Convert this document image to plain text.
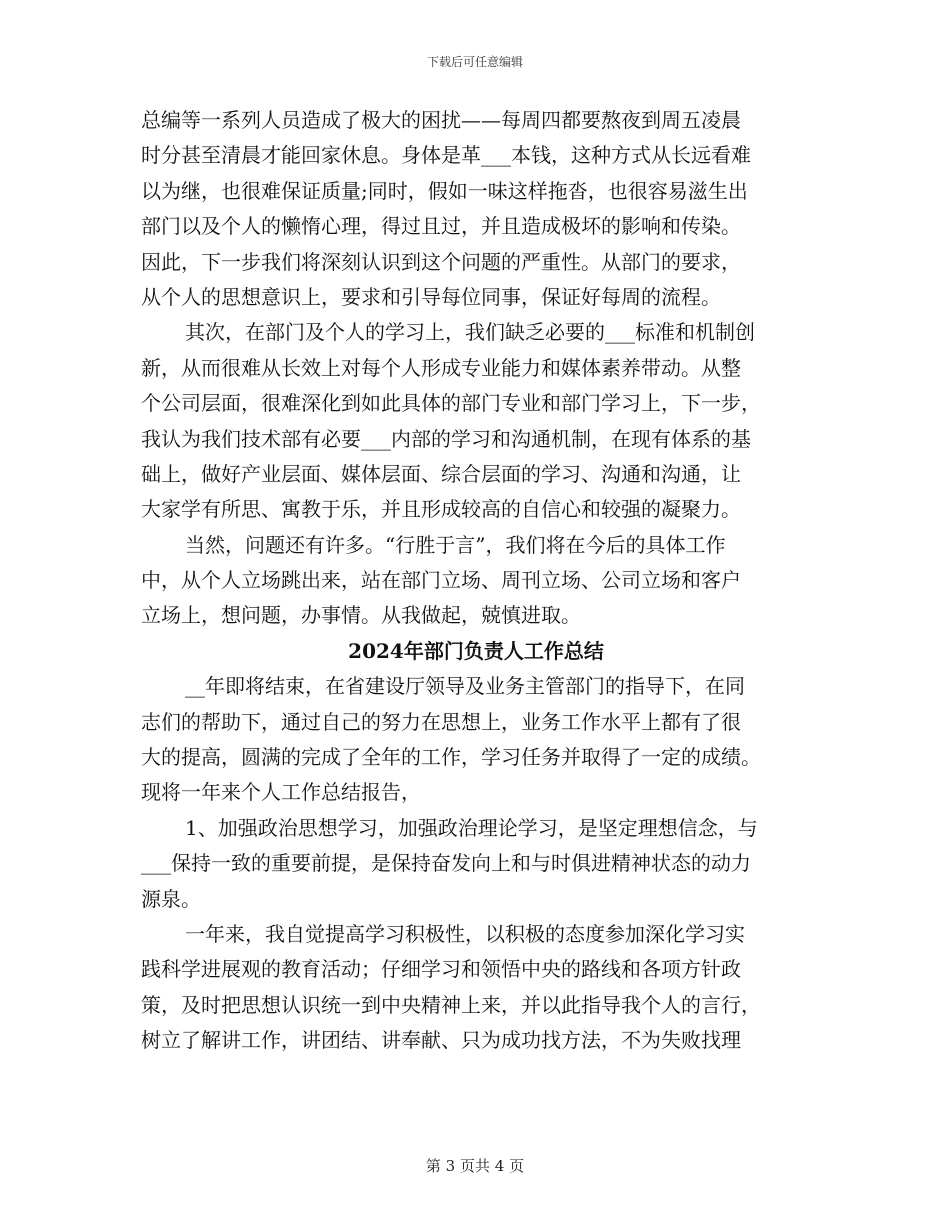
下载后可任意编辑
总编等一系列人员造成了极大的困扰——每周四都要熬夜到周五凌晨
时分甚至清晨才能回家休息。身体是革___本钱，这种方式从长远看难
以为继，也很难保证质量;同时，假如一味这样拖沓，也很容易滋生出
部门以及个人的懒惰心理，得过且过，并且造成极坏的影响和传染。
因此，下一步我们将深刻认识到这个问题的严重性。从部门的要求，
从个人的思想意识上，要求和引导每位同事，保证好每周的流程。
其次，在部门及个人的学习上，我们缺乏必要的___标准和机制创
新，从而很难从长效上对每个人形成专业能力和媒体素养带动。从整
个公司层面，很难深化到如此具体的部门专业和部门学习上，下一步，
我认为我们技术部有必要___内部的学习和沟通机制，在现有体系的基
础上，做好产业层面、媒体层面、综合层面的学习、沟通和沟通，让
大家学有所思、寓教于乐，并且形成较高的自信心和较强的凝聚力。
当然，问题还有许多。“行胜于言”，我们将在今后的具体工作
中，从个人立场跳出来，站在部门立场、周刊立场、公司立场和客户
立场上，想问题，办事情。从我做起，兢慎进取。
2024年部门负责人工作总结
__年即将结束，在省建设厅领导及业务主管部门的指导下，在同
志们的帮助下，通过自己的努力在思想上，业务工作水平上都有了很
大的提高，圆满的完成了全年的工作，学习任务并取得了一定的成绩。
现将一年来个人工作总结报告，
1、加强政治思想学习，加强政治理论学习，是坚定理想信念，与
___保持一致的重要前提，是保持奋发向上和与时俱进精神状态的动力
源泉。
一年来，我自觉提高学习积极性，以积极的态度参加深化学习实
践科学进展观的教育活动；仔细学习和领悟中央的路线和各项方针政
策，及时把思想认识统一到中央精神上来，并以此指导我个人的言行，
树立了解讲工作，讲团结、讲奉献、只为成功找方法，不为失败找理
第 3 页共 4 页
